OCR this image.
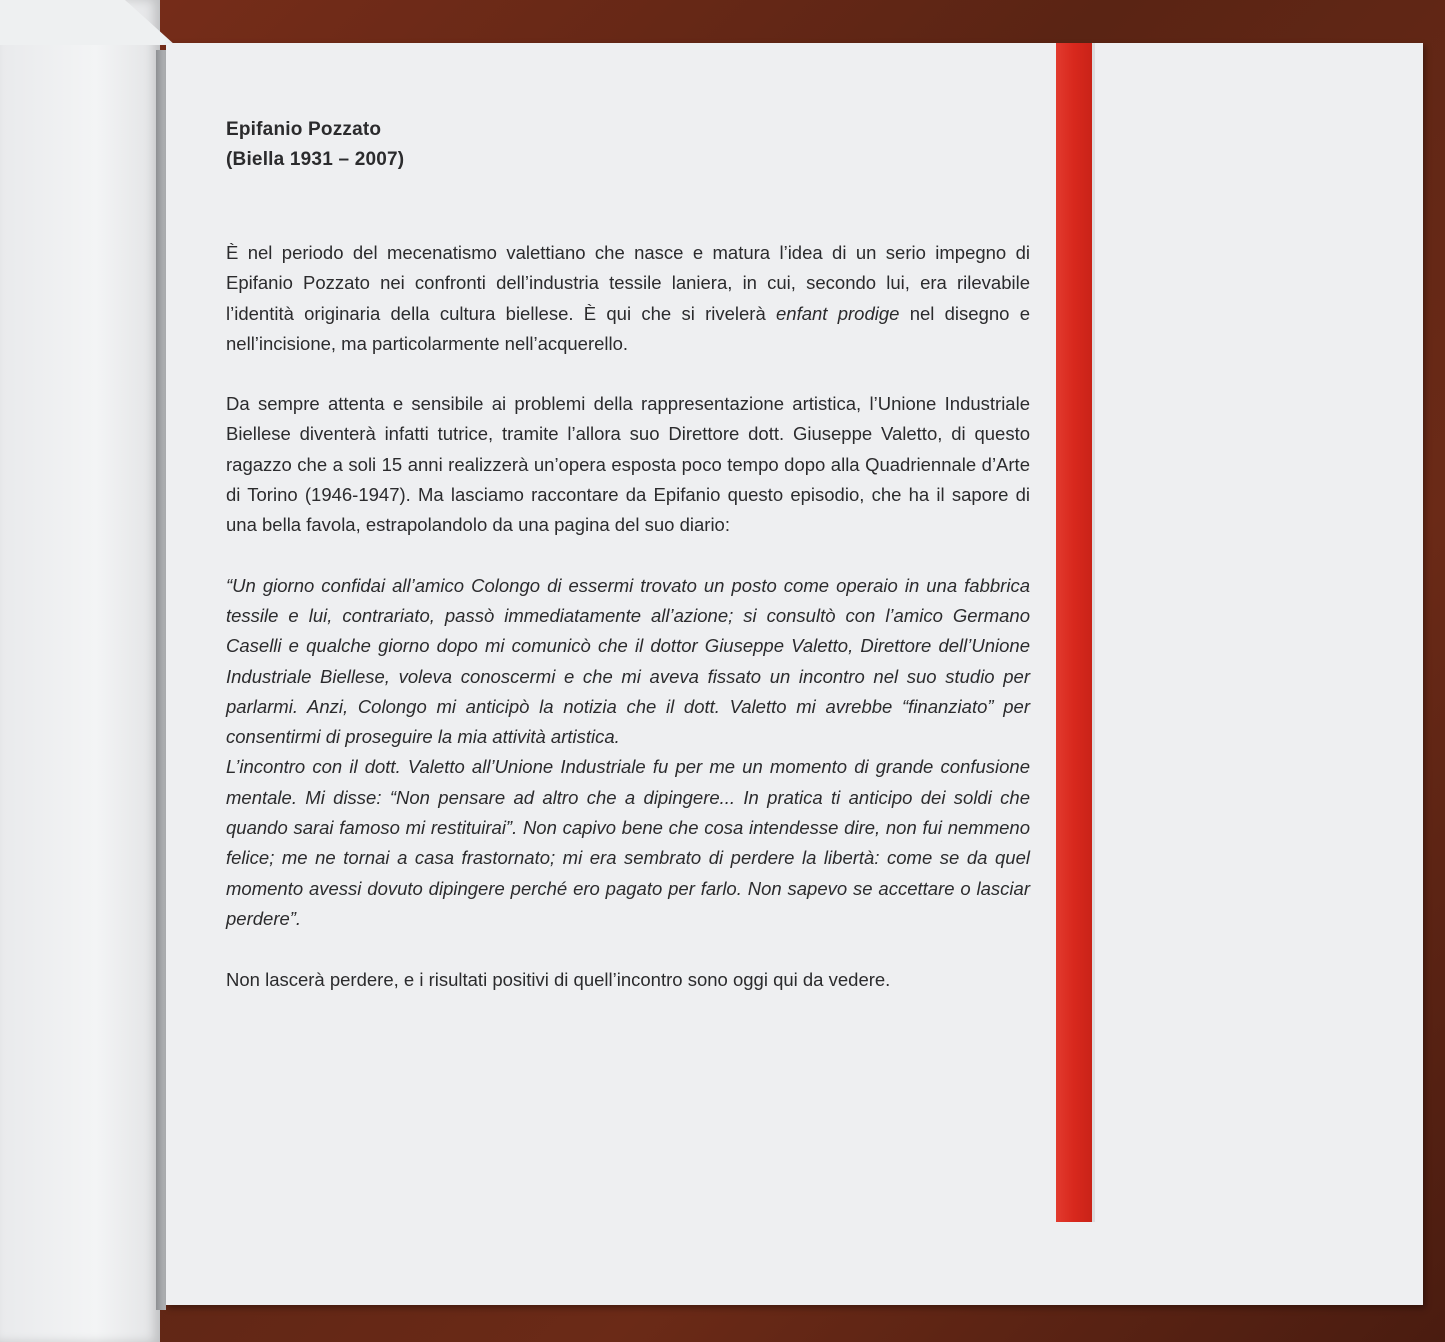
Epifanio Pozzato

(Biella 1931 – 2007)

È nel periodo del mecenatismo valettiano che nasce e matura l’idea di un serio impegno di Epifanio Pozzato nei confronti dell’industria tessile laniera, in cui, secondo lui, era rilevabile l’identità originaria della cultura biellese. È qui che si rivelerà enfant prodige nel disegno e nell’incisione, ma particolarmente nell’acquerello.

Da sempre attenta e sensibile ai problemi della rappresentazione artistica, l’Unione Industriale Biellese diventerà infatti tutrice, tramite l’allora suo Direttore dott. Giuseppe Valetto, di questo ragazzo che a soli 15 anni realizzerà un’opera esposta poco tempo dopo alla Quadriennale d’Arte di Torino (1946-1947). Ma lasciamo raccontare da Epifanio questo episodio, che ha il sapore di una bella favola, estrapolandolo da una pagina del suo diario:

“Un giorno confidai all’amico Colongo di essermi trovato un posto come operaio in una fabbrica tessile e lui, contrariato, passò immediatamente all’azione; si consultò con l’amico Germano Caselli e qualche giorno dopo mi comunicò che il dottor Giuseppe Valetto, Direttore dell’Unione Industriale Biellese, voleva conoscermi e che mi aveva fissato un incontro nel suo studio per parlarmi. Anzi, Colongo mi anticipò la notizia che il dott. Valetto mi avrebbe “finanziato” per consentirmi di proseguire la mia attività artistica.

L’incontro con il dott. Valetto all’Unione Industriale fu per me un momento di grande confusione mentale. Mi disse: “Non pensare ad altro che a dipingere... In pratica ti anticipo dei soldi che quando sarai famoso mi restituirai”. Non capivo bene che cosa intendesse dire, non fui nemmeno felice; me ne tornai a casa frastornato; mi era sembrato di perdere la libertà: come se da quel momento avessi dovuto dipingere perché ero pagato per farlo. Non sapevo se accettare o lasciar perdere”.

Non lascerà perdere, e i risultati positivi di quell’incontro sono oggi qui da vedere.
